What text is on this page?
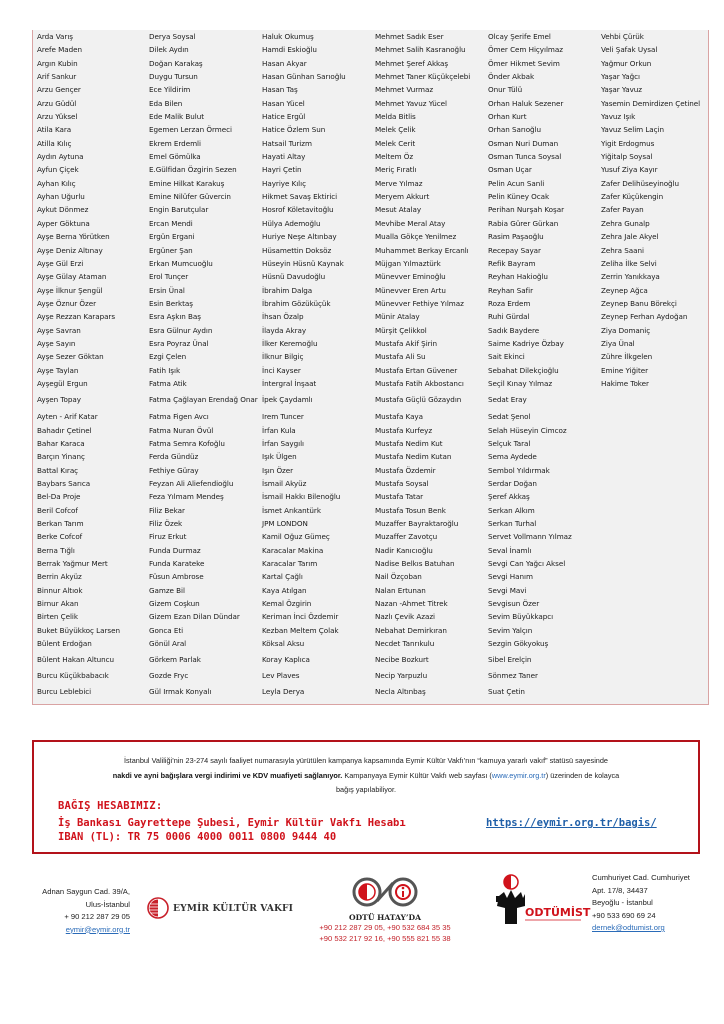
Arda Varış
Arefe Maden
Argın Kubin
Arif Sankur
Arzu Gençer
Arzu Güdül
Arzu Yüksel
Atila Kara
Atilla Kılıç
Aydın Aytuna
Ayfun Çiçek
Ayhan Kılıç
Ayhan Uğurlu
Aykut Dönmez
Ayper Göktuna
Ayşe Berna Yörütken
Ayşe Deniz Altınay
Ayşe Gül Erzi
Ayşe Gülay Ataman
Ayşe İlknur Şengül
Ayşe Öznur Özer
Ayşe Rezzan Karapars
Ayşe Savran
Ayşe Sayın
Ayşe Sezer Göktan
Ayşe Taylan
Ayşegül Ergun
Ayşen Topay
Ayten - Arif Katar
Bahadır Çetinel
Bahar Karaca
Barçın Yinanç
Battal Kıraç
Baybars Sarıca
Bel-Da Proje
Beril Cofcof
Berkan Tarım
Berke Cofcof
Berna Tığlı
Berrak Yağmur Mert
Berrin Akyüz
Binnur Altıok
Birnur Akan
Birten Çelik
Buket Büyükkoç Larsen
Bülent Erdoğan
Bülent Hakan Altuncu
Burcu Küçükbabacık
Burcu Leblebici
Derya Soysal
Dilek Aydın
Doğan Karakaş
Duygu Tursun
Ece Yildirim
Eda Bilen
Ede Malik Bulut
Egemen Lerzan Örmeci
Ekrem Erdemli
Emel Gömülka
E.Gülfidan Özgirin Sezen
Emine Hilkat Karakuş
Emine Nilüfer Güvercin
Engin Barutçular
Ercan Mendi
Ergün Ergani
Ergüner Şan
Erkan Mumcuoğlu
Erol Tunçer
Ersin Ünal
Esin Berktaş
Esra Aşkın Baş
Esra Gülnur Aydın
Esra Poyraz Ünal
Ezgi Çelen
Fatih Işık
Fatma Atik
Fatma Çağlayan Erendağ Onar
Fatma Figen Avcı
Fatma Nuran Övül
Fatma Semra Kofoğlu
Ferda Gündüz
Fethiye Güray
Feyzan Ali Aliefendioğlu
Feza Yılmam Mendeş
Filiz Bekar
Filiz Özek
Firuz Erkut
Funda Durmaz
Funda Karateke
Füsun Ambrose
Gamze Bil
Gizem Coşkun
Gizem Ezan Dilan Dündar
Gonca Eti
Gönül Aral
Görkem Parlak
Gozde Fryc
Gül Irmak Konyalı
Haluk Okumuş
Hamdi Eskioğlu
Hasan Akyar
Hasan Günhan Sarıoğlu
Hasan Taş
Hasan Yücel
Hatice Ergül
Hatice Özlem Sun
Hatsail Turizm
Hayati Altay
Hayri Çetin
Hayriye Kılıç
Hikmet Savaş Ektirici
Hosrof Köletavitoğlu
Hülya Ademoğlu
Huriye Neşe Altınbay
Hüsamettin Doksöz
Hüseyin Hüsnü Kaynak
Hüsnü Davudoğlu
İbrahim Dalga
İbrahim Gözüküçük
İhsan Özalp
İlayda Akray
İlker Keremoğlu
İlknur Bilgiç
İnci Kayser
İntergral İnşaat
İpek Çaydamlı
Irem Tuncer
İrfan Kula
İrfan Saygılı
Işık Ülgen
Işın Özer
İsmail Akyüz
İsmail Hakkı Bilenoğlu
İsmet Arıkantürk
JPM LONDON
Kamil Oğuz Gümeç
Karacalar Makina
Karacalar Tarım
Kartal Çağlı
Kaya Atılgan
Kemal Özgirin
Keriman İnci Özdemir
Kezban Meltem Çolak
Köksal Aksu
Koray Kaplıca
Lev Plaves
Leyla Derya
Mehmet Sadık Eser
Mehmet Salih Kasranoğlu
Mehmet Şeref Akkaş
Mehmet Taner Küçükçelebi
Mehmet Vurmaz
Mehmet Yavuz Yücel
Melda Bitlis
Melek Çelik
Melek Cerit
Meltem Öz
Meriç Fıratlı
Merve Yılmaz
Meryem Akkurt
Mesut Atalay
Mevhibe Meral Atay
Mualla Gökçe Yenilmez
Muhammet Berkay Ercanlı
Müjgan Yılmaztürk
Münevver Eminoğlu
Münevver Eren Artu
Münevver Fethiye Yılmaz
Münir Atalay
Mürşit Çelikkol
Mustafa Akif Şirin
Mustafa Ali Su
Mustafa Ertan Güvener
Mustafa Fatih Akbostancı
Mustafa Güçlü Gözaydın
Mustafa Kaya
Mustafa Kurfeyz
Mustafa Nedim Kut
Mustafa Nedim Kutan
Mustafa Özdemir
Mustafa Soysal
Mustafa Tatar
Mustafa Tosun Benk
Muzaffer Bayraktaroğlu
Muzaffer Zavotçu
Nadir Kanıcıoğlu
Nadise Belkıs Batuhan
Nail Özçoban
Nalan Ertunan
Nazan -Ahmet Titrek
Nazlı Çevik Azazi
Nebahat Demirkıran
Necdet Tanrıkulu
Necibe Bozkurt
Necip Yarpuzlu
Necla Altınbaş
Olcay Şerife Emel
Ömer Cem Hiçyılmaz
Ömer Hikmet Sevim
Önder Akbak
Onur Tülü
Orhan Haluk Sezener
Orhan Kurt
Orhan Sarıoğlu
Osman Nuri Duman
Osman Tunca Soysal
Osman Uçar
Pelin Acun Sanli
Pelin Küney Ocak
Perihan Nurşah Koşar
Rabia Gürer Gürkan
Rasim Paşaoğlu
Recepay Sayar
Refik Bayram
Reyhan Hakioğlu
Reyhan Safir
Roza Erdem
Ruhi Gürdal
Sadık Baydere
Saime Kadriye Özbay
Sait Ekinci
Sebahat Dilekçioğlu
Seçil Kınay Yılmaz
Sedat Eray
Sedat Şenol
Selah Hüseyin Cimcoz
Selçuk Taral
Sema Aydede
Sembol Yıldırmak
Serdar Doğan
Şeref Akkaş
Serkan Alkım
Serkan Turhal
Servet Vollmann Yılmaz
Seval İnamlı
Sevgi Can Yağcı Aksel
Sevgi Hanım
Sevgi Mavi
Sevgisun Özer
Sevim Büyükkapcı
Sevim Yalçın
Sezgin Gökyokuş
Sibel Erelçin
Sönmez Taner
Suat Çetin
Vehbi Çürük
Veli Şafak Uysal
Yağmur Orkun
Yaşar Yağcı
Yaşar Yavuz
Yasemin Demirdizen Çetinel
Yavuz Işık
Yavuz Selim Laçin
Yigit Erdogmus
Yiğitalp Soysal
Yusuf Ziya Kayır
Zafer Delihüseyinoğlu
Zafer Küçükengin
Zafer Payan
Zehra Gunalp
Zehra Jale Akyel
Zehra Saani
Zeliha İlke Selvi
Zerrin Yanıkkaya
Zeynep Ağca
Zeynep Banu Börekçi
Zeynep Ferhan Aydoğan
Ziya Domaniç
Ziya Ünal
Zühre İlkgelen
Emine Yiğiter
Hakime Toker
İstanbul Valiliği’nin 23-274 sayılı faaliyet numarasıyla yürütülen kampanya kapsamında Eymir Kültür Vakfı’nın “kamuya yararlı vakıf” statüsü sayesinde
nakdi ve ayni bağışlara vergi indirimi ve KDV muafiyeti sağlanıyor. Kampanyaya Eymir Kültür Vakfı web sayfası (www.eymir.org.tr) üzerinden de kolayca
bağış yapılabiliyor.
BAĞIŞ HESABIMIZ:
İş Bankası Gayrettepe Şubesi, Eymir Kültür Vakfı Hesabı
IBAN (TL): TR 75 0006 4000 0011 0800 9444 40
https://eymir.org.tr/bagis/
Adnan Saygun Cad. 39/A,
Ulus-İstanbul
+ 90 212 287 29 05
eymir@eymir.org.tr
EYMİR KÜLTÜR VAKFI
ODTÜ HATAY’DA
+90 212 287 29 05, +90 532 684 35 35
+90 532 217 92 16, +90 555 821 55 38
ODTÜMİST
Cumhuriyet Cad. Cumhuriyet
Apt. 17/8, 34437
Beyoğlu - İstanbul
+90 533 690 69 24
dernek@odtumist.org
